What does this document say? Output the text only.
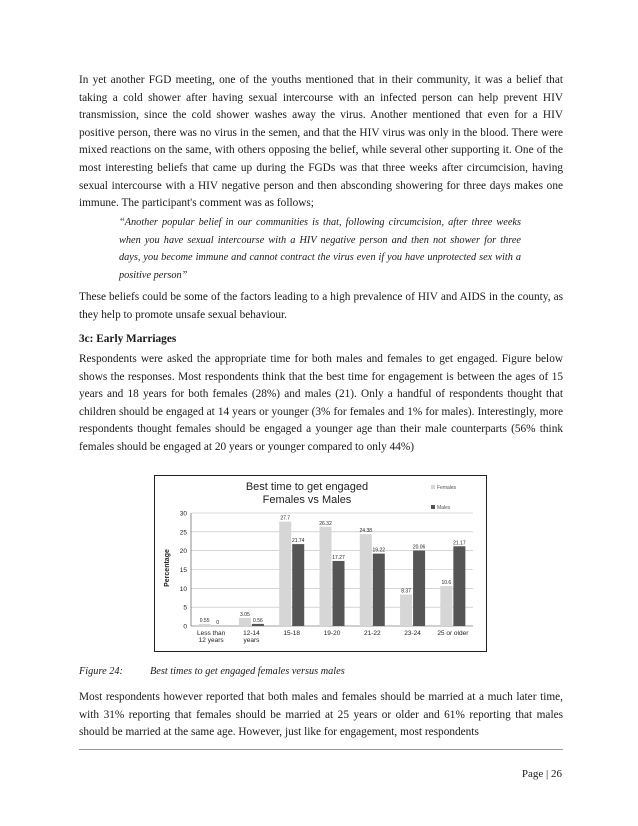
In yet another FGD meeting, one of the youths mentioned that in their community, it was a belief that taking a cold shower after having sexual intercourse with an infected person can help prevent HIV transmission, since the cold shower washes away the virus. Another mentioned that even for a HIV positive person, there was no virus in the semen, and that the HIV virus was only in the blood. There were mixed reactions on the same, with others opposing the belief, while several other supporting it. One of the most interesting beliefs that came up during the FGDs was that three weeks after circumcision, having sexual intercourse with a HIV negative person and then absconding showering for three days makes one immune. The participant's comment was as follows;

“Another popular belief in our communities is that, following circumcision, after three weeks when you have sexual intercourse with a HIV negative person and then not shower for three days, you become immune and cannot contract the virus even if you have unprotected sex with a positive person”

These beliefs could be some of the factors leading to a high prevalence of HIV and AIDS in the county, as they help to promote unsafe sexual behaviour.

3c: Early Marriages

Respondents were asked the appropriate time for both males and females to get engaged. Figure below shows the responses. Most respondents think that the best time for engagement is between the ages of 15 years and 18 years for both females (28%) and males (21). Only a handful of respondents thought that children should be engaged at 14 years or younger (3% for females and 1% for males). Interestingly, more respondents thought females should be engaged a younger age than their male counterparts (56% think females should be engaged at 20 years or younger compared to only 44%)

Best time to get engaged
Females vs Males
Females
Males
Percentage
0
5
10
15
20
25
30
0.55 0
Less than
12 years
3.05
0.56
12-14
years
27.7
21.74
15-18
26.32
17.27
19-20
24.38
19.22
21-22
8.37
20.06
23-24
10.6
21.17
25 or older
Figure 24:	Best times to get engaged females versus males

Most respondents however reported that both males and females should be married at a much later time, with 31% reporting that females should be married at 25 years or older and 61% reporting that males should be married at the same age. However, just like for engagement, most respondents

Page | 26
